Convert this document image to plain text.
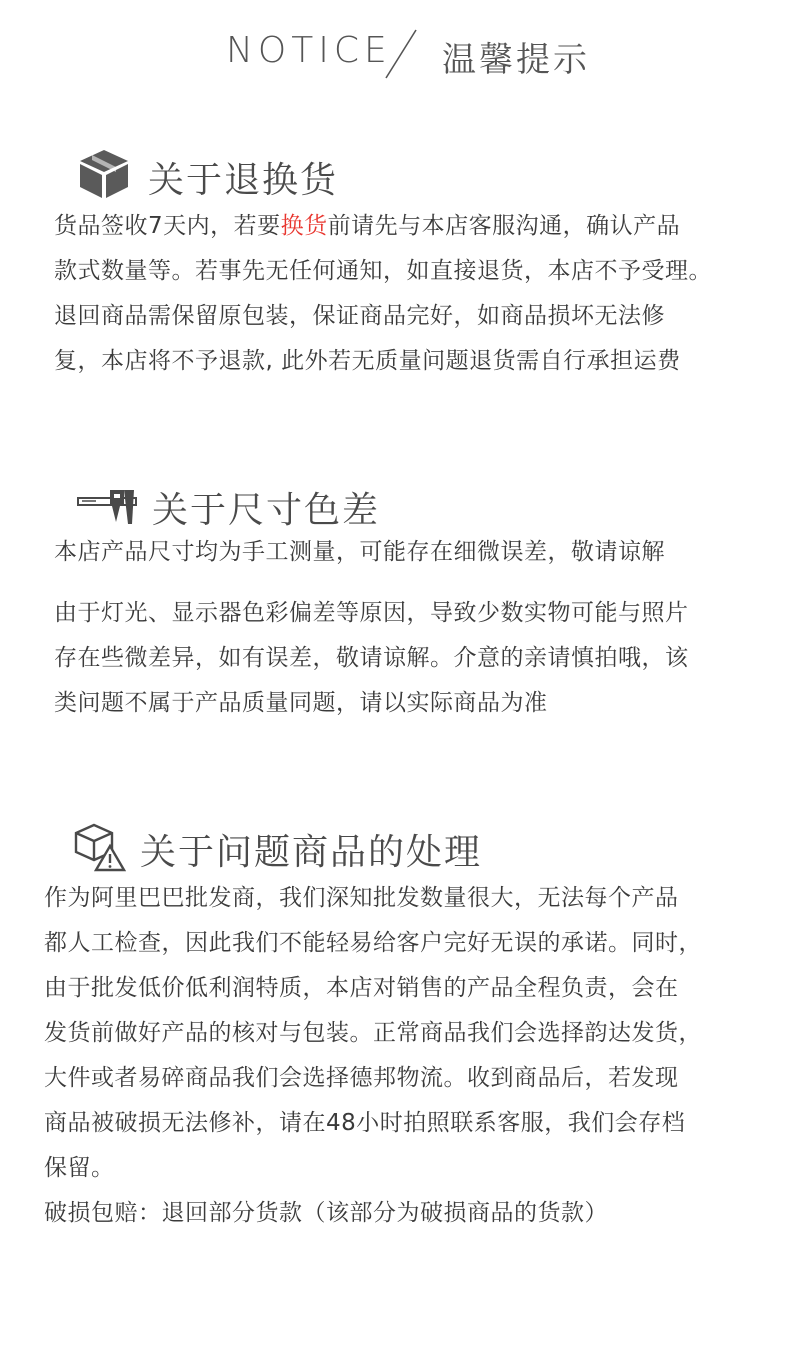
NOTICE 温馨提示
关于退换货

货品签收7天内，若要换货前请先与本店客服沟通，确认产品

款式数量等。若事先无任何通知，如直接退货，本店不予受理。

退回商品需保留原包装，保证商品完好，如商品损坏无法修

复，本店将不予退款, 此外若无质量问题退货需自行承担运费

关于尺寸色差

本店产品尺寸均为手工测量，可能存在细微误差，敬请谅解

由于灯光、显示器色彩偏差等原因，导致少数实物可能与照片

存在些微差异，如有误差，敬请谅解。介意的亲请慎拍哦，该

类问题不属于产品质量同题，请以实际商品为准

关于问题商品的处理

作为阿里巴巴批发商，我们深知批发数量很大，无法每个产品

都人工检查，因此我们不能轻易给客户完好无误的承诺。同时，

由于批发低价低利润特质，本店对销售的产品全程负责，会在

发货前做好产品的核对与包装。正常商品我们会选择韵达发货，

大件或者易碎商品我们会选择德邦物流。收到商品后，若发现

商品被破损无法修补，请在48小时拍照联系客服，我们会存档

保留。

破损包赔：退回部分货款（该部分为破损商品的货款）
